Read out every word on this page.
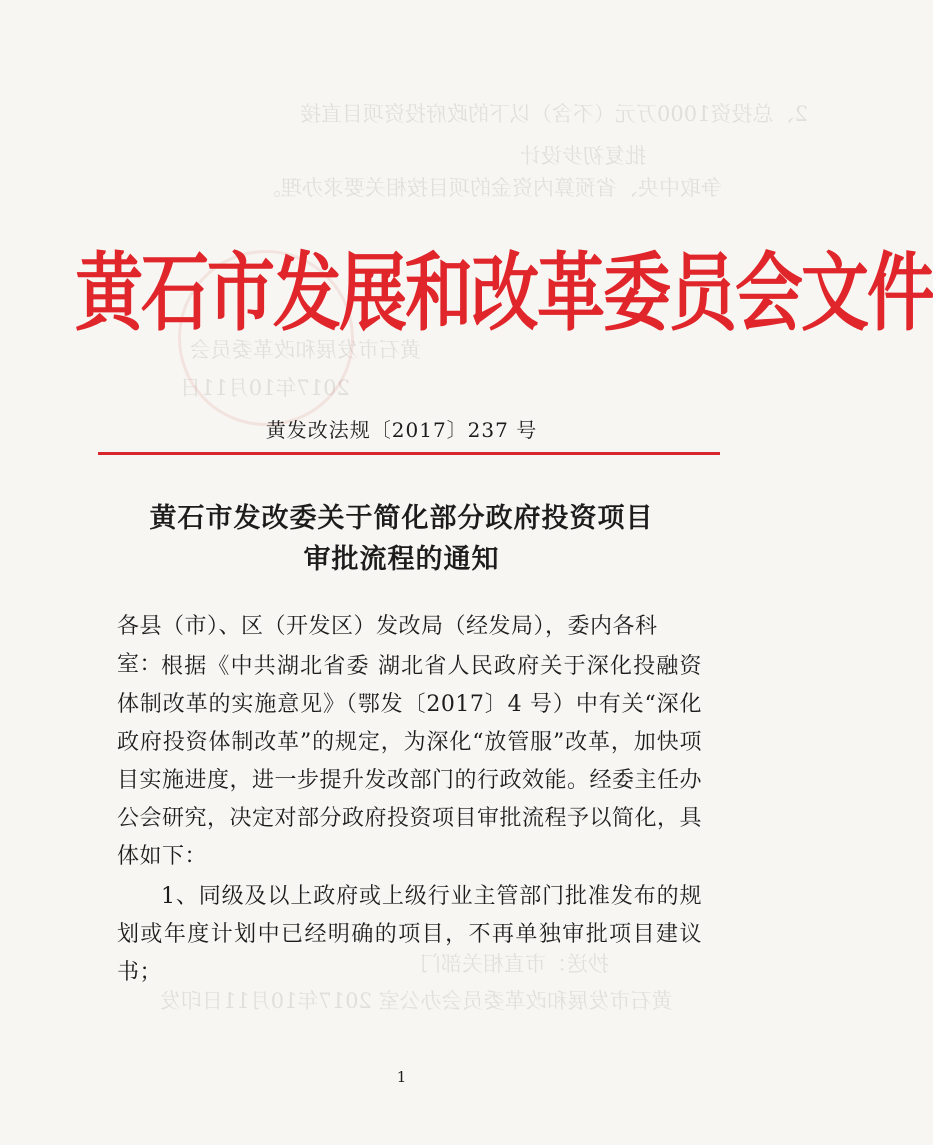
2、总投资1000万元（不含）以下的政府投资项目直接
批复初步设计
争取中央、省预算内资金的项目按相关要求办理。
黄石市发展和改革委员会
2017年10月11日
抄送：市直相关部门
黄石市发展和改革委员会办公室 2017年10月11日印发
黄石市发展和改革委员会文件
黄发改法规〔2017〕237 号
黄石市发改委关于简化部分政府投资项目
审批流程的通知
各县（市）、区（开发区）发改局（经发局），委内各科室：
根据《中共湖北省委 湖北省人民政府关于深化投融资体制改革的实施意见》（鄂发〔2017〕4 号）中有关“深化政府投资体制改革”的规定，为深化“放管服”改革，加快项目实施进度，进一步提升发改部门的行政效能。经委主任办公会研究，决定对部分政府投资项目审批流程予以简化，具体如下：
1、同级及以上政府或上级行业主管部门批准发布的规划或年度计划中已经明确的项目，不再单独审批项目建议书；
1
